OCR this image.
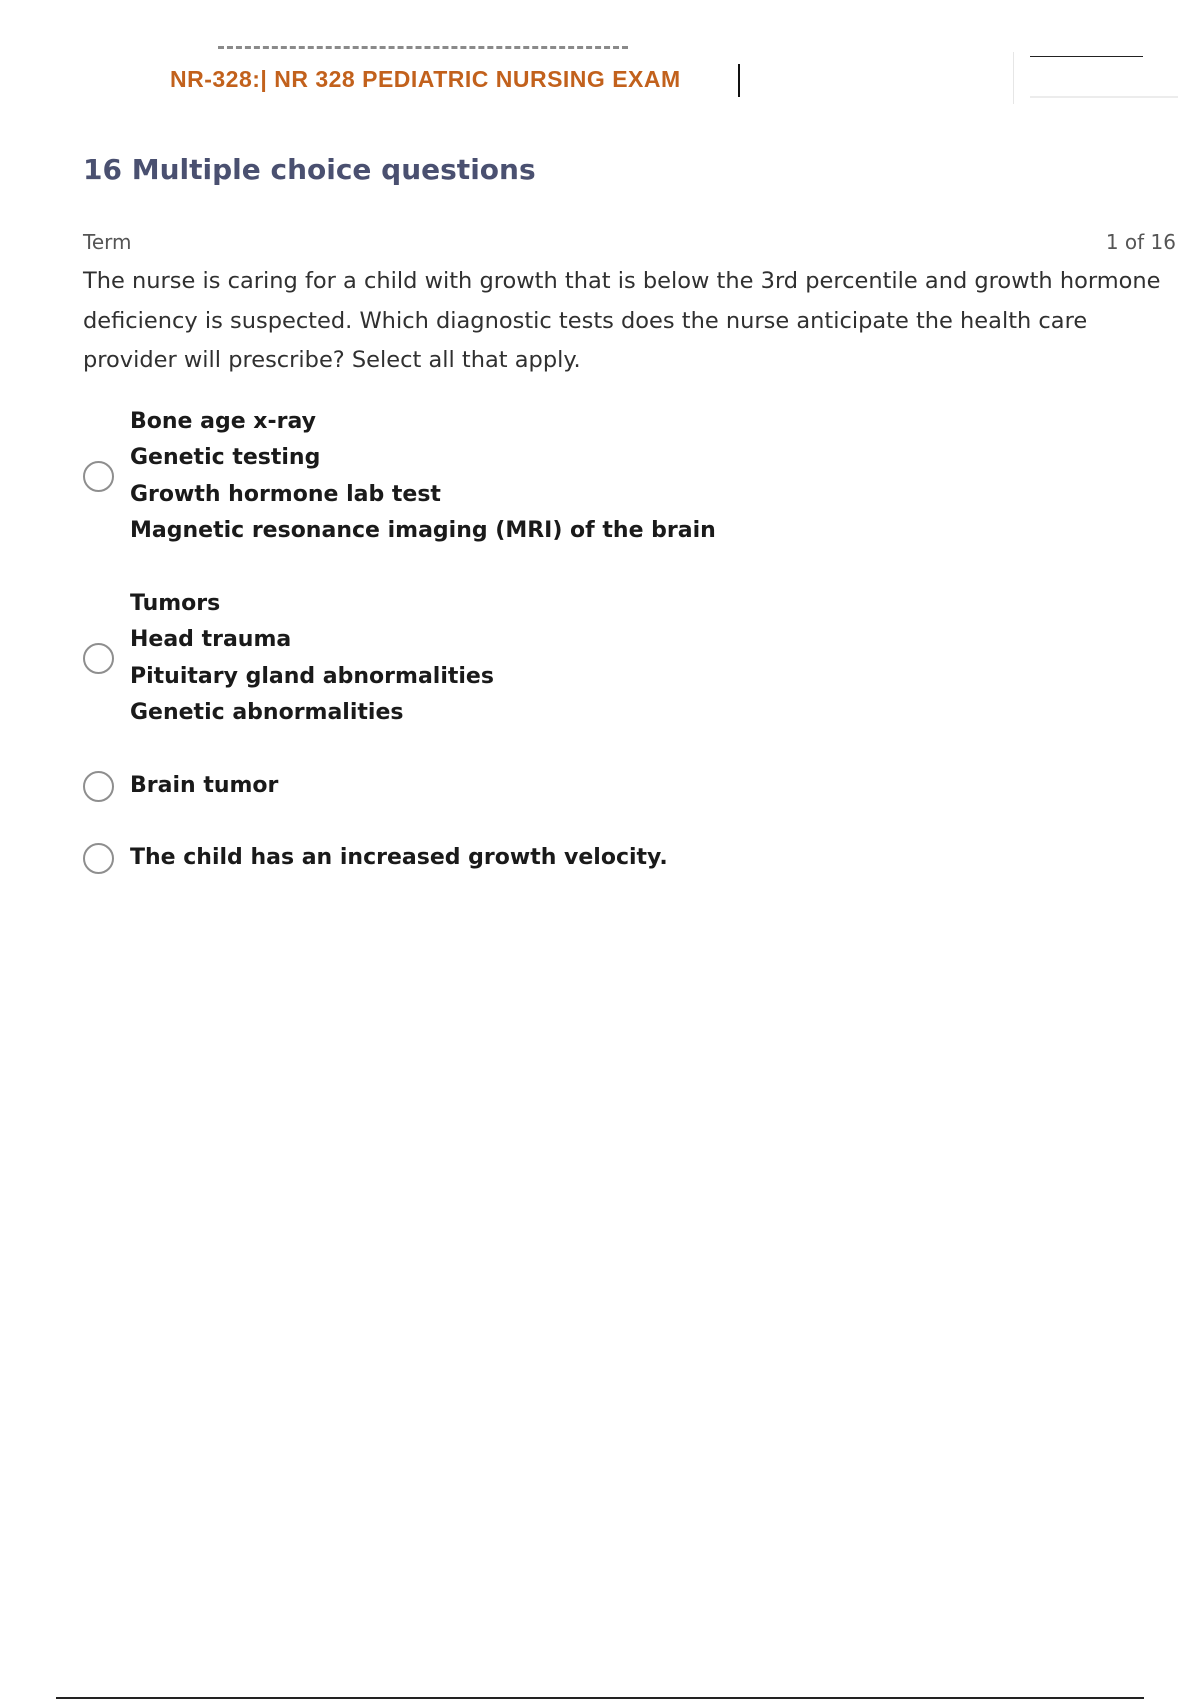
NR-328:| NR 328 PEDIATRIC NURSING EXAM
16 Multiple choice questions
Term	1 of 16
The nurse is caring for a child with growth that is below the 3rd percentile and growth hormone deficiency is suspected. Which diagnostic tests does the nurse anticipate the health care provider will prescribe? Select all that apply.
Bone age x-ray
Genetic testing
Growth hormone lab test
Magnetic resonance imaging (MRI) of the brain
Tumors
Head trauma
Pituitary gland abnormalities
Genetic abnormalities
Brain tumor
The child has an increased growth velocity.
